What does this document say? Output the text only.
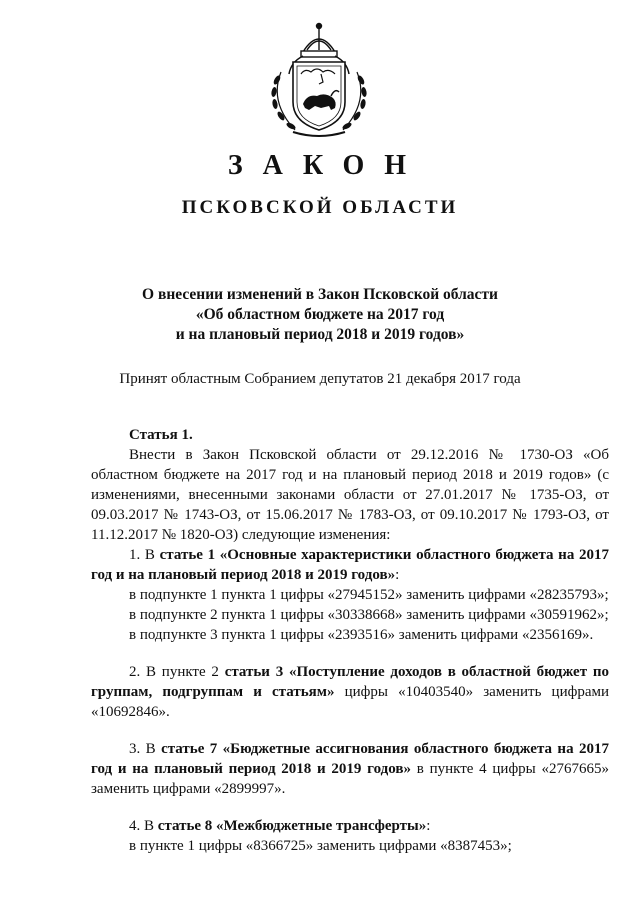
ЗАКОН
ПСКОВСКОЙ ОБЛАСТИ
О внесении изменений в Закон Псковской области
«Об областном бюджете на 2017 год
и на плановый период 2018 и 2019 годов»
Принят областным Собранием депутатов 21 декабря 2017 года

Статья 1.

Внести в Закон Псковской области от 29.12.2016 № 1730-ОЗ «Об областном бюджете на 2017 год и на плановый период 2018 и 2019 годов» (с изменениями, внесенными законами области от 27.01.2017 № 1735-ОЗ, от 09.03.2017 № 1743-ОЗ, от 15.06.2017 № 1783-ОЗ, от 09.10.2017 № 1793-ОЗ, от 11.12.2017 № 1820-ОЗ) следующие изменения:

1. В статье 1 «Основные характеристики областного бюджета на 2017 год и на плановый период 2018 и 2019 годов»:

в подпункте 1 пункта 1 цифры «27945152» заменить цифрами «28235793»;

в подпункте 2 пункта 1 цифры «30338668» заменить цифрами «30591962»;

в подпункте 3 пункта 1 цифры «2393516» заменить цифрами «2356169».

2. В пункте 2 статьи 3 «Поступление доходов в областной бюджет по группам, подгруппам и статьям» цифры «10403540» заменить цифрами «10692846».

3. В статье 7 «Бюджетные ассигнования областного бюджета на 2017 год и на плановый период 2018 и 2019 годов» в пункте 4 цифры «2767665» заменить цифрами «2899997».

4. В статье 8 «Межбюджетные трансферты»:

в пункте 1 цифры «8366725» заменить цифрами «8387453»;
